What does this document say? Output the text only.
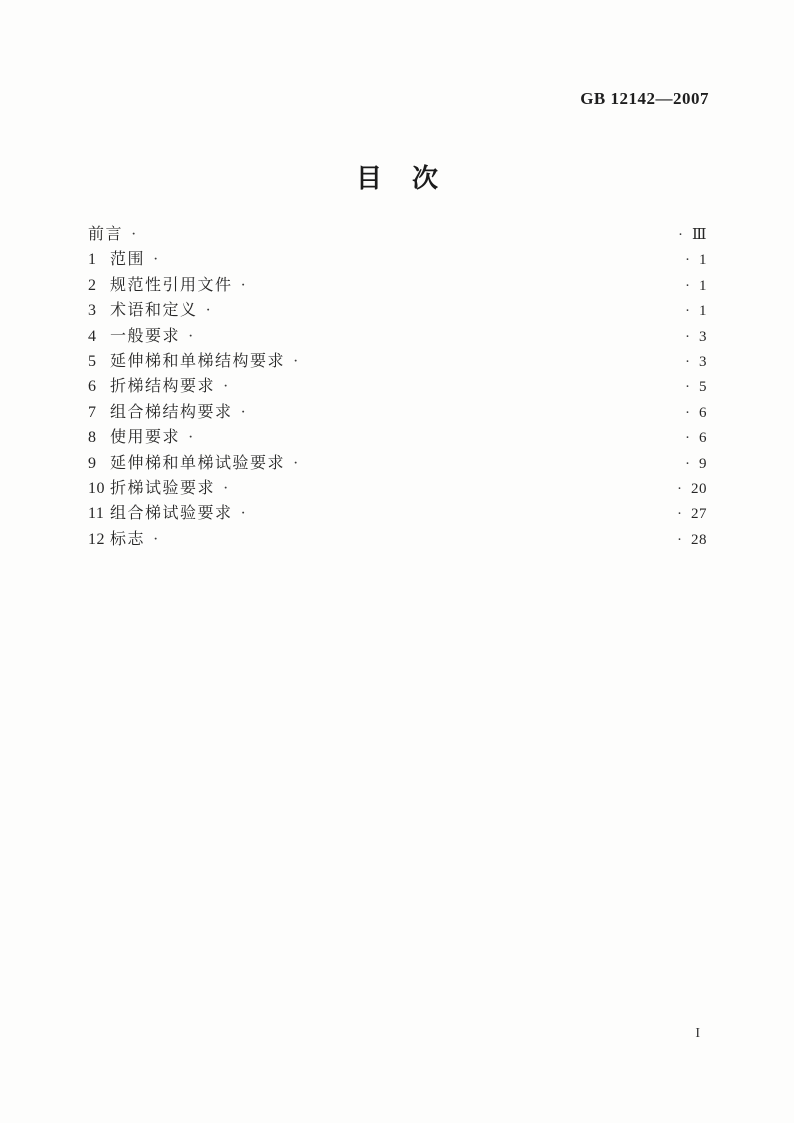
GB 12142—2007
目 次
前言 ·	· Ⅲ
1 范围 ·	· 1
2 规范性引用文件 ·	· 1
3 术语和定义 ·	· 1
4 一般要求 ·	· 3
5 延伸梯和单梯结构要求 ·	· 3
6 折梯结构要求 ·	· 5
7 组合梯结构要求 ·	· 6
8 使用要求 ·	· 6
9 延伸梯和单梯试验要求 ·	· 9
10 折梯试验要求 ·	· 20
11 组合梯试验要求 ·	· 27
12 标志 ·	· 28
I
